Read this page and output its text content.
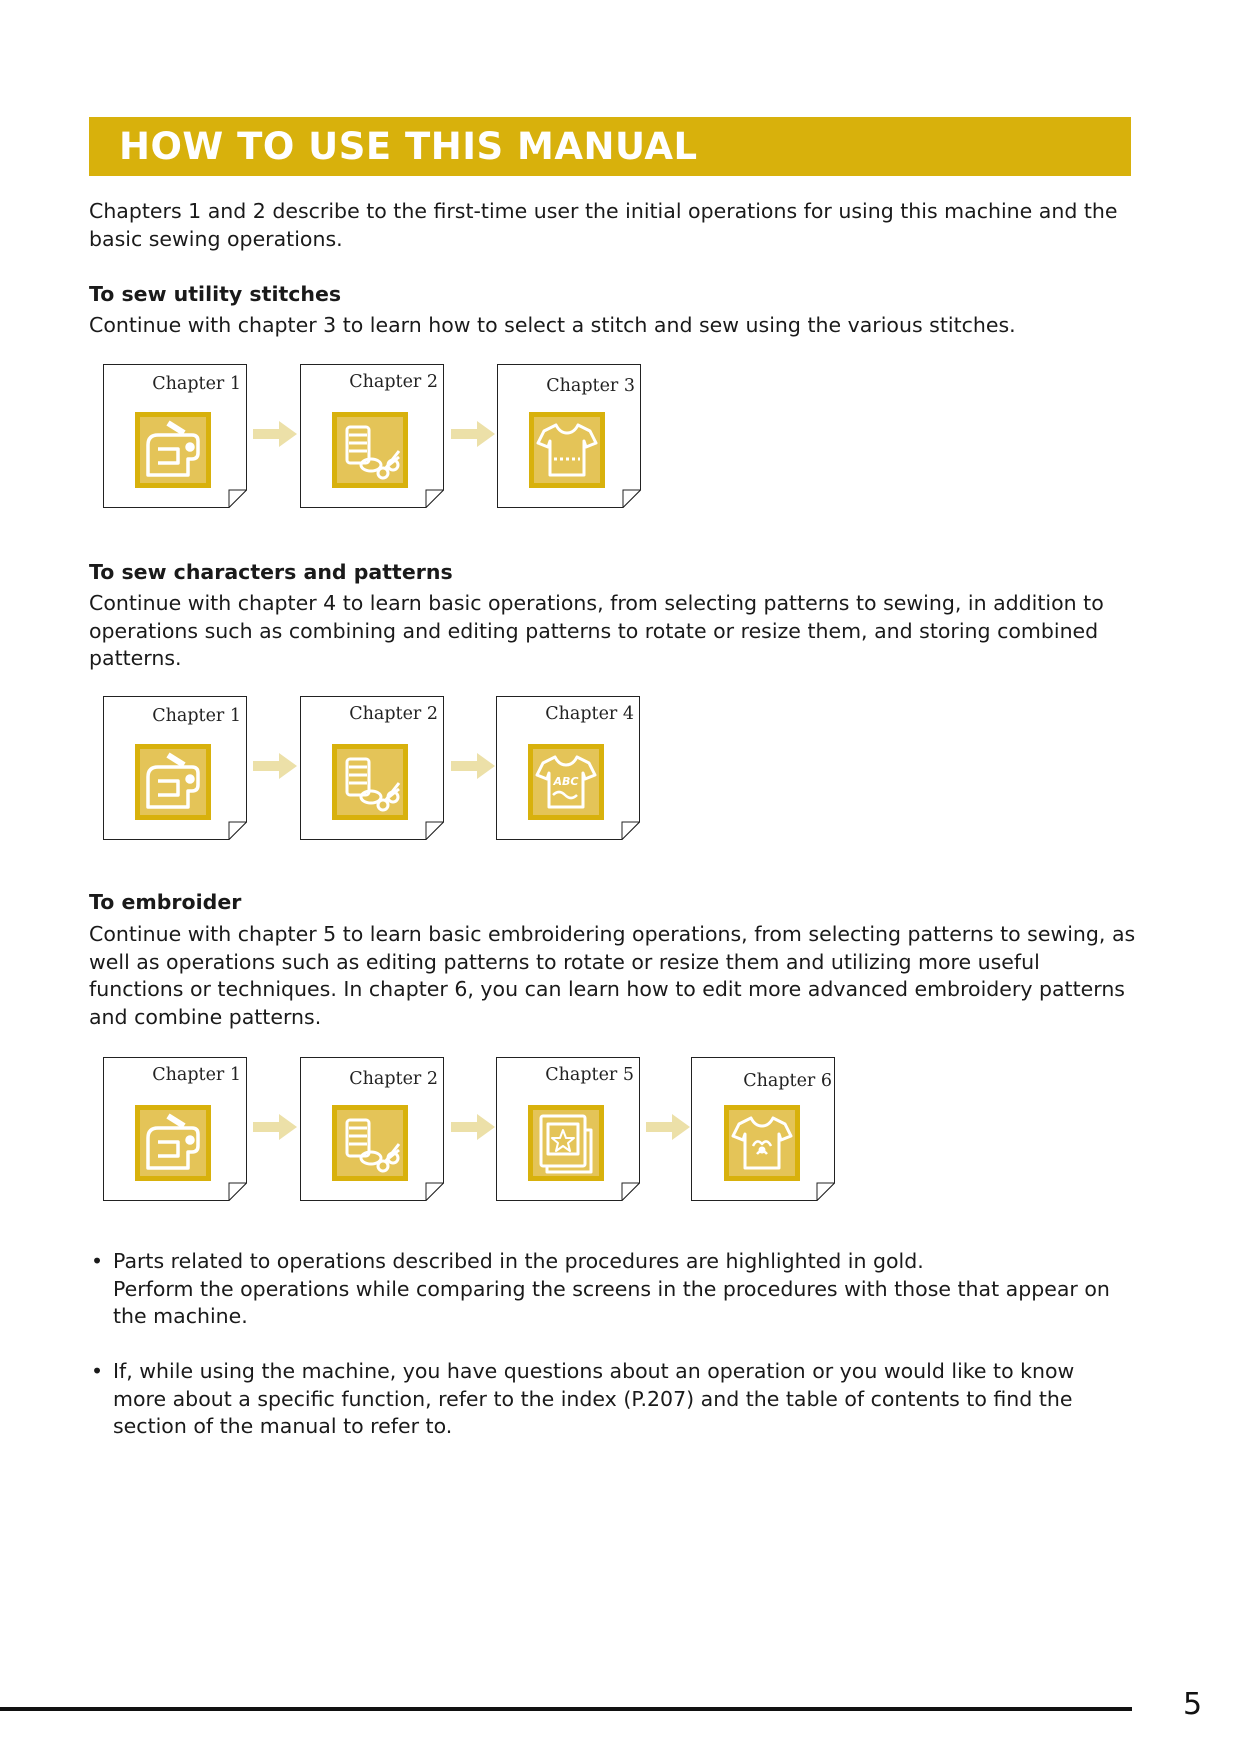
HOW TO USE THIS MANUAL

Chapters 1 and 2 describe to the first-time user the initial operations for using this machine and the basic sewing operations.

To sew utility stitches

Continue with chapter 3 to learn how to select a stitch and sew using the various stitches.

Chapter 1	Chapter 2	Chapter 3
To sew characters and patterns

Continue with chapter 4 to learn basic operations, from selecting patterns to sewing, in addition to operations such as combining and editing patterns to rotate or resize them, and storing combined patterns.

Chapter 1	Chapter 2	Chapter 4
ABC
To embroider

Continue with chapter 5 to learn basic embroidering operations, from selecting patterns to sewing, as well as operations such as editing patterns to rotate or resize them and utilizing more useful functions or techniques. In chapter 6, you can learn how to edit more advanced embroidery patterns and combine patterns.

Chapter 1	Chapter 2	Chapter 5	Chapter 6
• Parts related to operations described in the procedures are highlighted in gold.
Perform the operations while comparing the screens in the procedures with those that appear on the machine.
• If, while using the machine, you have questions about an operation or you would like to know more about a specific function, refer to the index (P.207) and the table of contents to find the section of the manual to refer to.
5
